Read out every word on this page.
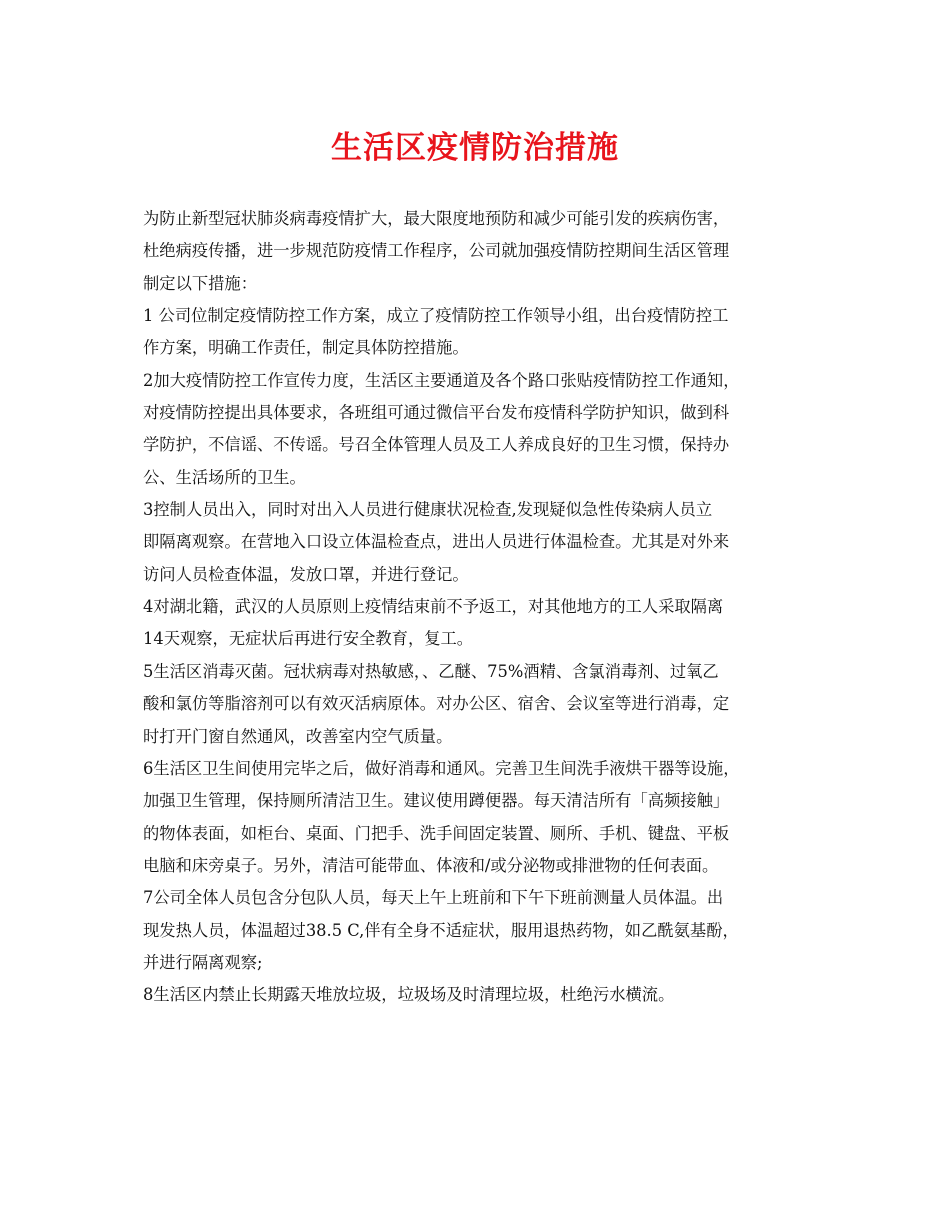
生活区疫情防治措施
为防止新型冠状肺炎病毒疫情扩大，最大限度地预防和减少可能引发的疾病伤害，
杜绝病疫传播，进一步规范防疫情工作程序，公司就加强疫情防控期间生活区管理
制定以下措施：
1 公司位制定疫情防控工作方案，成立了疫情防控工作领导小组，出台疫情防控工
作方案，明确工作责任，制定具体防控措施。
2加大疫情防控工作宣传力度，生活区主要通道及各个路口张贴疫情防控工作通知，
对疫情防控提出具体要求，各班组可通过微信平台发布疫情科学防护知识，做到科
学防护，不信谣、不传谣。号召全体管理人员及工人养成良好的卫生习惯，保持办
公、生活场所的卫生。
3控制人员出入，同时对出入人员进行健康状况检查,发现疑似急性传染病人员立
即隔离观察。在营地入口设立体温检查点，进出人员进行体温检查。尤其是对外来
访问人员检查体温，发放口罩，并进行登记。
4对湖北籍，武汉的人员原则上疫情结束前不予返工，对其他地方的工人采取隔离
14天观察，无症状后再进行安全教育，复工。
5生活区消毒灭菌。冠状病毒对热敏感，、乙醚、75%酒精、含氯消毒剂、过氧乙
酸和氯仿等脂溶剂可以有效灭活病原体。对办公区、宿舍、会议室等进行消毒，定
时打开门窗自然通风，改善室内空气质量。
6生活区卫生间使用完毕之后，做好消毒和通风。完善卫生间洗手液烘干器等设施，
加强卫生管理，保持厕所清洁卫生。建议使用蹲便器。每天清洁所有「高频接触」
的物体表面，如柜台、桌面、门把手、洗手间固定装置、厕所、手机、键盘、平板
电脑和床旁桌子。另外，清洁可能带血、体液和/或分泌物或排泄物的任何表面。
7公司全体人员包含分包队人员，每天上午上班前和下午下班前测量人员体温。出
现发热人员，体温超过38.5 C,伴有全身不适症状，服用退热药物，如乙酰氨基酚，
并进行隔离观察;
8生活区内禁止长期露天堆放垃圾，垃圾场及时清理垃圾，杜绝污水横流。
